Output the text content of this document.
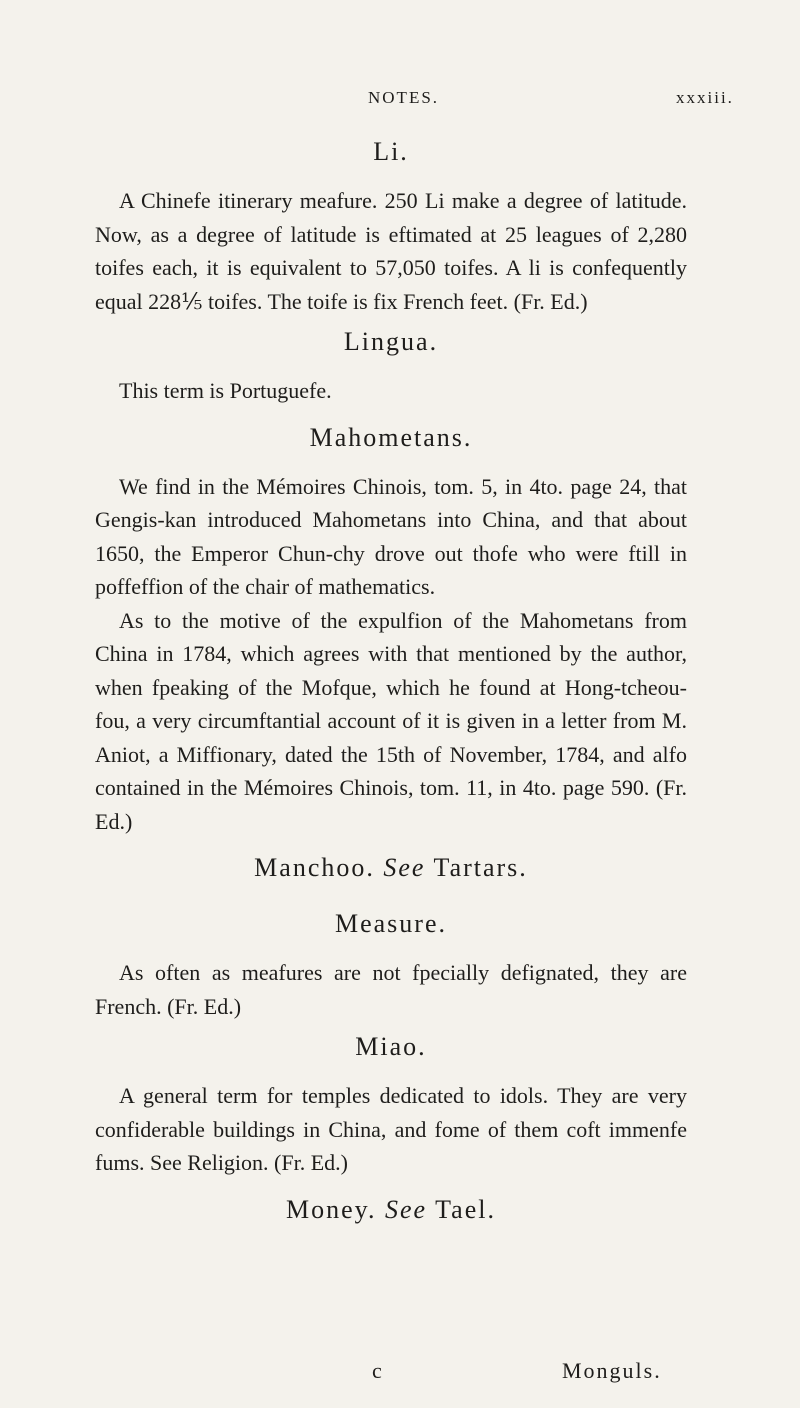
NOTES.	xxxiii.
Li.

A Chinefe itinerary meafure. 250 Li make a degree of latitude. Now, as a degree of latitude is eftimated at 25 leagues of 2,280 toifes each, it is equivalent to 57,050 toifes. A li is confequently equal 228⅕ toifes. The toife is fix French feet. (Fr. Ed.)

Lingua.

This term is Portuguefe.

Mahometans.

We find in the Mémoires Chinois, tom. 5, in 4to. page 24, that Gengis-kan introduced Mahometans into China, and that about 1650, the Emperor Chun-chy drove out thofe who were ftill in poffeffion of the chair of mathematics.

As to the motive of the expulfion of the Mahometans from China in 1784, which agrees with that mentioned by the author, when fpeaking of the Mofque, which he found at Hong-tcheou-fou, a very circumftantial account of it is given in a letter from M. Aniot, a Miffionary, dated the 15th of November, 1784, and alfo contained in the Mémoires Chinois, tom. 11, in 4to. page 590. (Fr. Ed.)

Manchoo. See Tartars.
Measure.

As often as meafures are not fpecially defignated, they are French. (Fr. Ed.)

Miao.

A general term for temples dedicated to idols. They are very confiderable buildings in China, and fome of them coft immenfe fums. See Religion. (Fr. Ed.)

Money. See Tael.
c	Monguls.
